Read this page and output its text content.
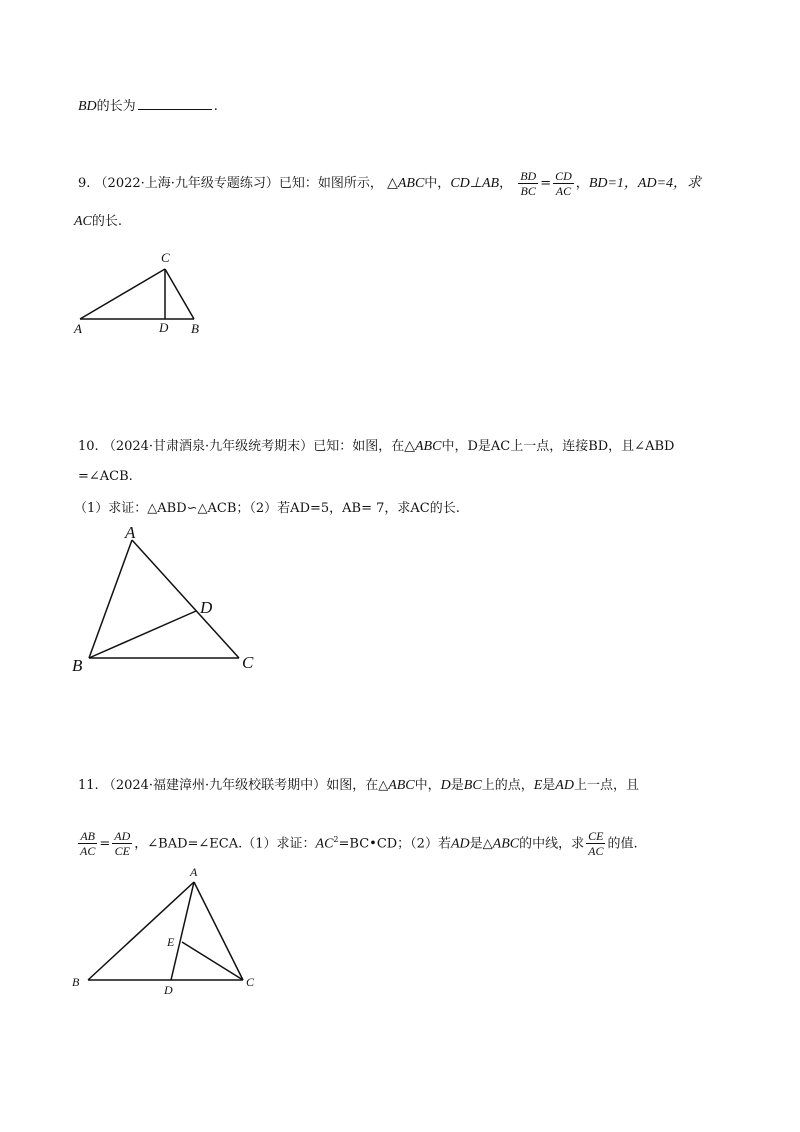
BD的长为	.
9. （2022·上海·九年级专题练习）已知：如图所示， △ABC中，CD⊥AB， $\frac{BD}{BC} = \frac{CD}{AC}$ ，BD=1，AD=4，求
AC的长.
C
A	D B
10. （2024·甘肃酒泉·九年级统考期末）已知：如图，在△ABC中，D是AC上一点，连接BD，且∠ABD
=∠ACB.
（1）求证：△ABD∽△ACB；（2）若AD=5，AB= 7，求AC的长.
A
D
B	C
11. （2024·福建漳州·九年级校联考期中）如图，在△ABC中，D是BC上的点，E是AD上一点，且
$\frac{AB}{AC} = \frac{AD}{CE}$ ，∠BAD=∠ECA.（1）求证：$AC^2=BC•CD$；（2）若AD是△ABC的中线，求 $\frac{CE}{AC}$ 的值.
A
E
B
D
C
